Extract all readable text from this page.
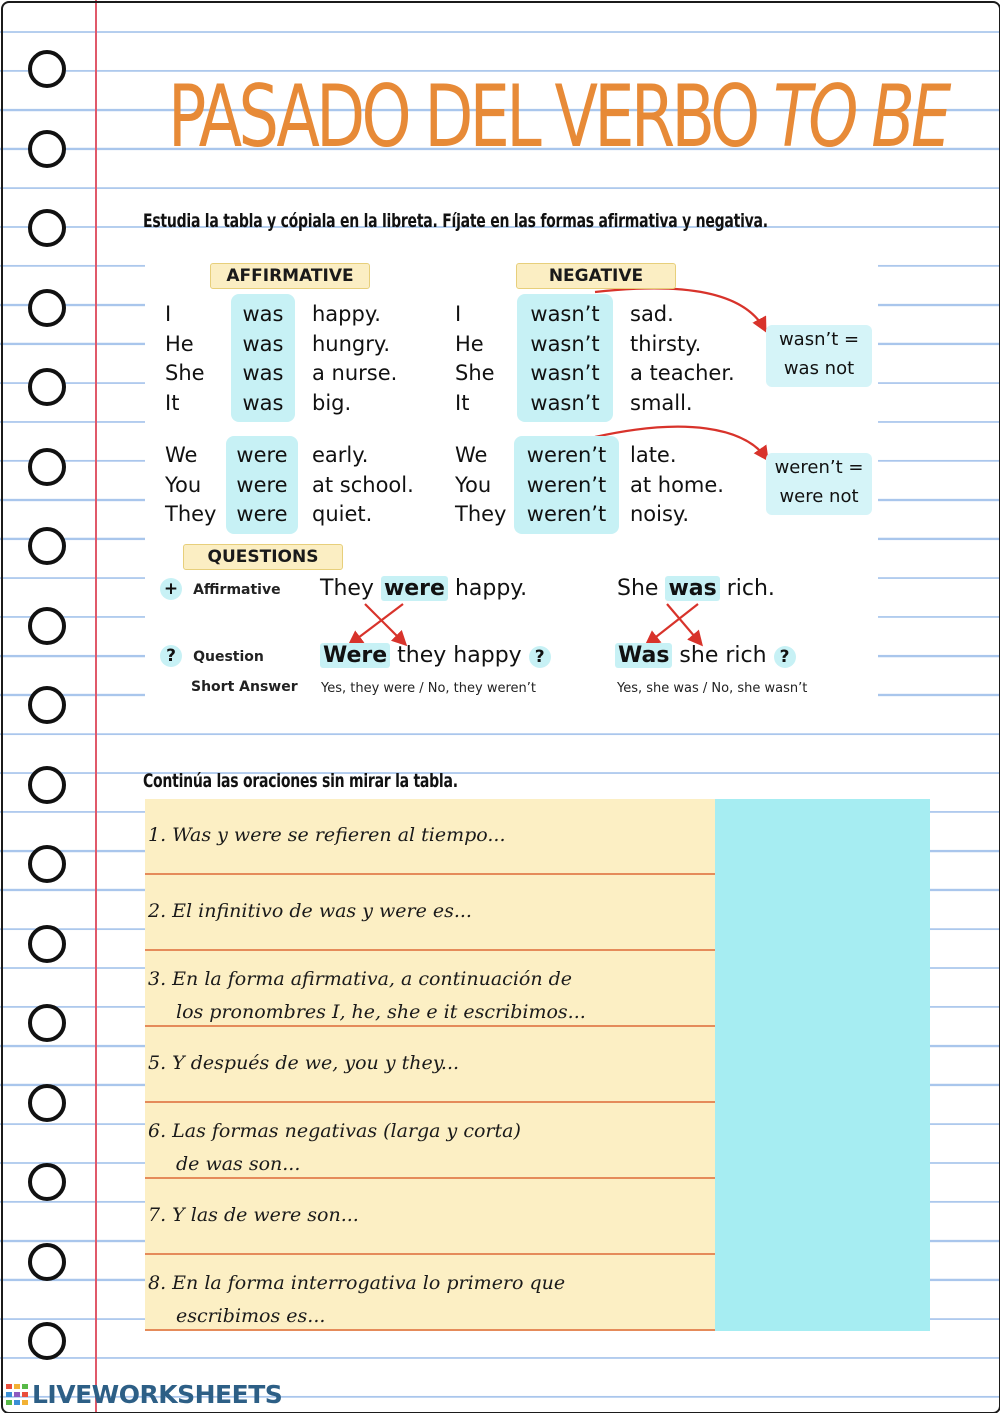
PASADO DEL VERBO TO BE
Estudia la tabla y cópiala en la libreta. Fíjate en las formas afirmativa y negativa.
AFFIRMATIVE	NEGATIVE
I
He
She
It
was
was
was
was
happy.
hungry.
a nurse.
big.
We
You
They
were
were
were
early.
at school.
quiet.
I
He
She
It
wasn’t
wasn’t
wasn’t
wasn’t
sad.
thirsty.
a teacher.
small.
We
You
They
weren’t
weren’t
weren’t
late.
at home.
noisy.
wasn’t =
was not
weren’t =
were not
QUESTIONS
+ Affirmative
? Question
Short Answer
They were happy.
Were they happy ?
Yes, they were / No, they weren’t
She was rich.
Was she rich ?
Yes, she was / No, she wasn’t
Continúa las oraciones sin mirar la tabla.
1. Was y were se refieren al tiempo...
2. El infinitivo de was y were es...
3. En la forma afirmativa, a continuación de
los pronombres I, he, she e it escribimos...
5. Y después de we, you y they...
6. Las formas negativas (larga y corta)
de was son...
7. Y las de were son...
8. En la forma interrogativa lo primero que
escribimos es...
LIVEWORKSHEETS
